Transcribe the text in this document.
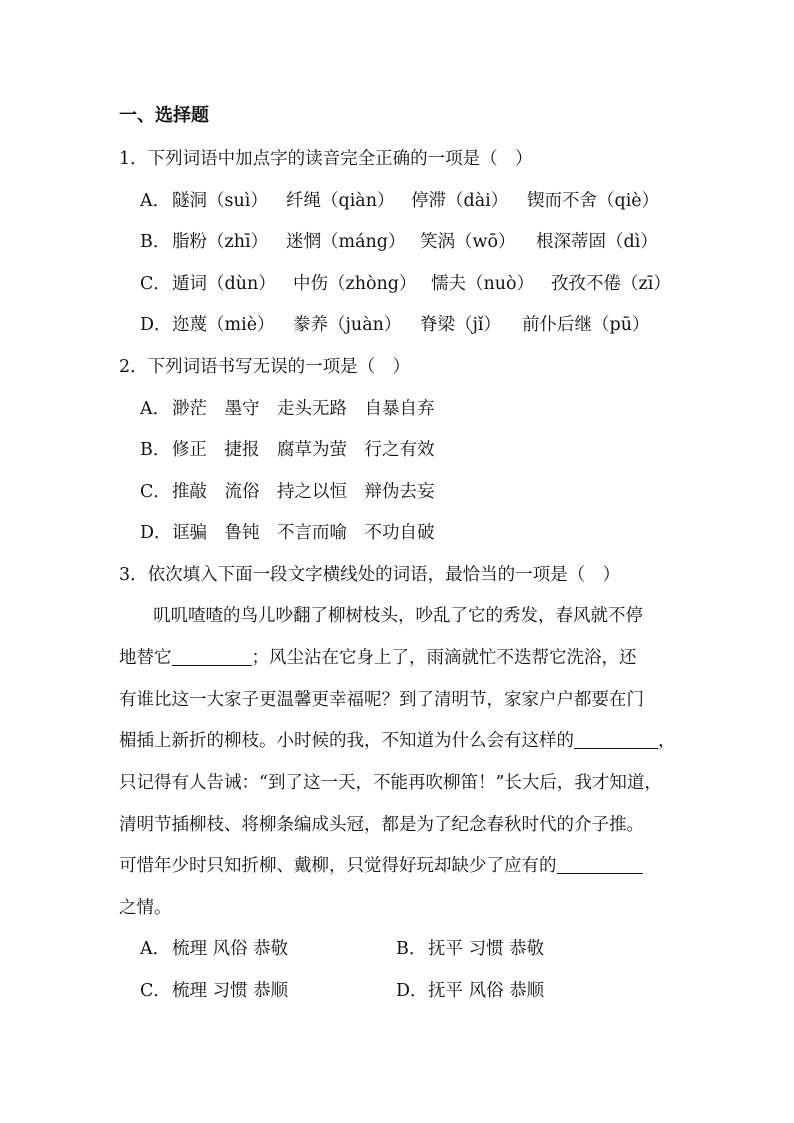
一、选择题
1．下列词语中加点字的读音完全正确的一项是（　）
A． 隧洞（suì） 纤绳（qiàn） 停滞（dài） 锲而不舍（qiè）
B． 脂粉（zhī） 迷惘（máng） 笑涡（wō） 根深蒂固（dì）
C． 遁词（dùn） 中伤（zhòng） 懦夫（nuò） 孜孜不倦（zī）
D． 迩蔑（miè） 豢养（juàn） 脊梁（jǐ） 前仆后继（pū）
2．下列词语书写无误的一项是（　）
A． 渺茫　墨守　走头无路　自暴自弃
B． 修正　捷报　腐草为萤　行之有效
C． 推敲　流俗　持之以恒　辩伪去妄
D． 诓骗　鲁钝　不言而喻　不功自破
3．依次填入下面一段文字横线处的词语，最恰当的一项是（　）
叽叽喳喳的鸟儿吵翻了柳树枝头，吵乱了它的秀发，春风就不停
地替它	；风尘沾在它身上了，雨滴就忙不迭帮它洗浴，还
有谁比这一大家子更温馨更幸福呢？到了清明节，家家户户都要在门
楣插上新折的柳枝。小时候的我，不知道为什么会有这样的	，
只记得有人告诫：“到了这一天，不能再吹柳笛！”长大后，我才知道，
清明节插柳枝、将柳条编成头冠，都是为了纪念春秋时代的介子推。
可惜年少时只知折柳、戴柳，只觉得好玩却缺少了应有的
之情。
A． 梳理 风俗 恭敬	B． 抚平 习惯 恭敬
C． 梳理 习惯 恭顺	D． 抚平 风俗 恭顺
